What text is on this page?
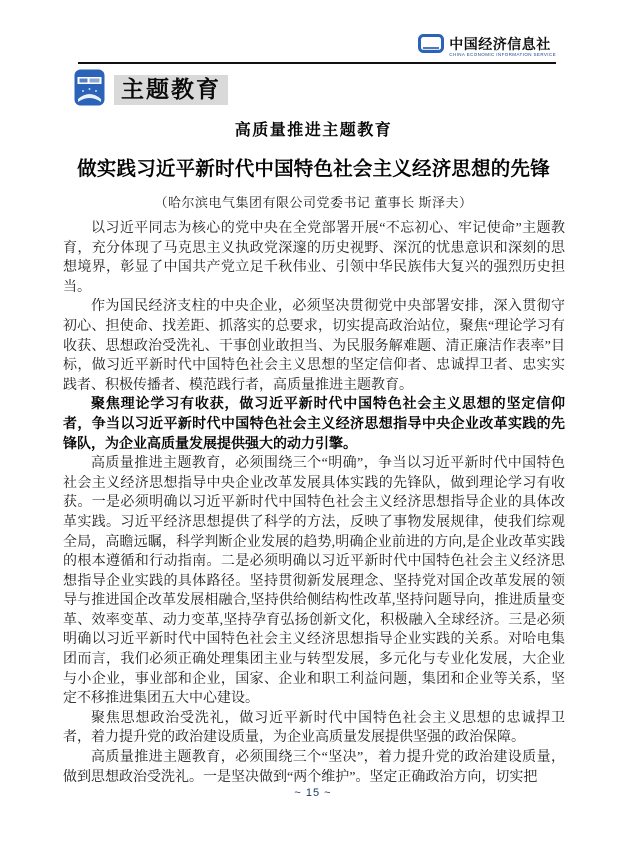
中国经济信息社
CHINA ECONOMIC INFORMATION SERVICE
主题教育
高质量推进主题教育
做实践习近平新时代中国特色社会主义经济思想的先锋
（哈尔滨电气集团有限公司党委书记 董事长 斯泽夫）

以习近平同志为核心的党中央在全党部署开展“不忘初心、牢记使命”主题教育，充分体现了马克思主义执政党深邃的历史视野、深沉的忧患意识和深刻的思想境界，彰显了中国共产党立足千秋伟业、引领中华民族伟大复兴的强烈历史担当。

作为国民经济支柱的中央企业，必须坚决贯彻党中央部署安排，深入贯彻守初心、担使命、找差距、抓落实的总要求，切实提高政治站位，聚焦“理论学习有收获、思想政治受洗礼、干事创业敢担当、为民服务解难题、清正廉洁作表率”目标，做习近平新时代中国特色社会主义思想的坚定信仰者、忠诚捍卫者、忠实实践者、积极传播者、模范践行者，高质量推进主题教育。

聚焦理论学习有收获，做习近平新时代中国特色社会主义思想的坚定信仰者，争当以习近平新时代中国特色社会主义经济思想指导中央企业改革实践的先锋队，为企业高质量发展提供强大的动力引擎。

高质量推进主题教育，必须围绕三个“明确”，争当以习近平新时代中国特色社会主义经济思想指导中央企业改革发展具体实践的先锋队，做到理论学习有收获。一是必须明确以习近平新时代中国特色社会主义经济思想指导企业的具体改革实践。习近平经济思想提供了科学的方法，反映了事物发展规律，使我们综观全局，高瞻远瞩，科学判断企业发展的趋势,明确企业前进的方向,是企业改革实践的根本遵循和行动指南。二是必须明确以习近平新时代中国特色社会主义经济思想指导企业实践的具体路径。坚持贯彻新发展理念、坚持党对国企改革发展的领导与推进国企改革发展相融合,坚持供给侧结构性改革,坚持问题导向，推进质量变革、效率变革、动力变革,坚持孕育弘扬创新文化，积极融入全球经济。三是必须明确以习近平新时代中国特色社会主义经济思想指导企业实践的关系。对哈电集团而言，我们必须正确处理集团主业与转型发展，多元化与专业化发展，大企业与小企业，事业部和企业，国家、企业和职工利益问题，集团和企业等关系，坚定不移推进集团五大中心建设。

聚焦思想政治受洗礼，做习近平新时代中国特色社会主义思想的忠诚捍卫者，着力提升党的政治建设质量，为企业高质量发展提供坚强的政治保障。

高质量推进主题教育，必须围绕三个“坚决”，着力提升党的政治建设质量，做到思想政治受洗礼。一是坚决做到“两个维护”。坚定正确政治方向，切实把

~ 15 ~
